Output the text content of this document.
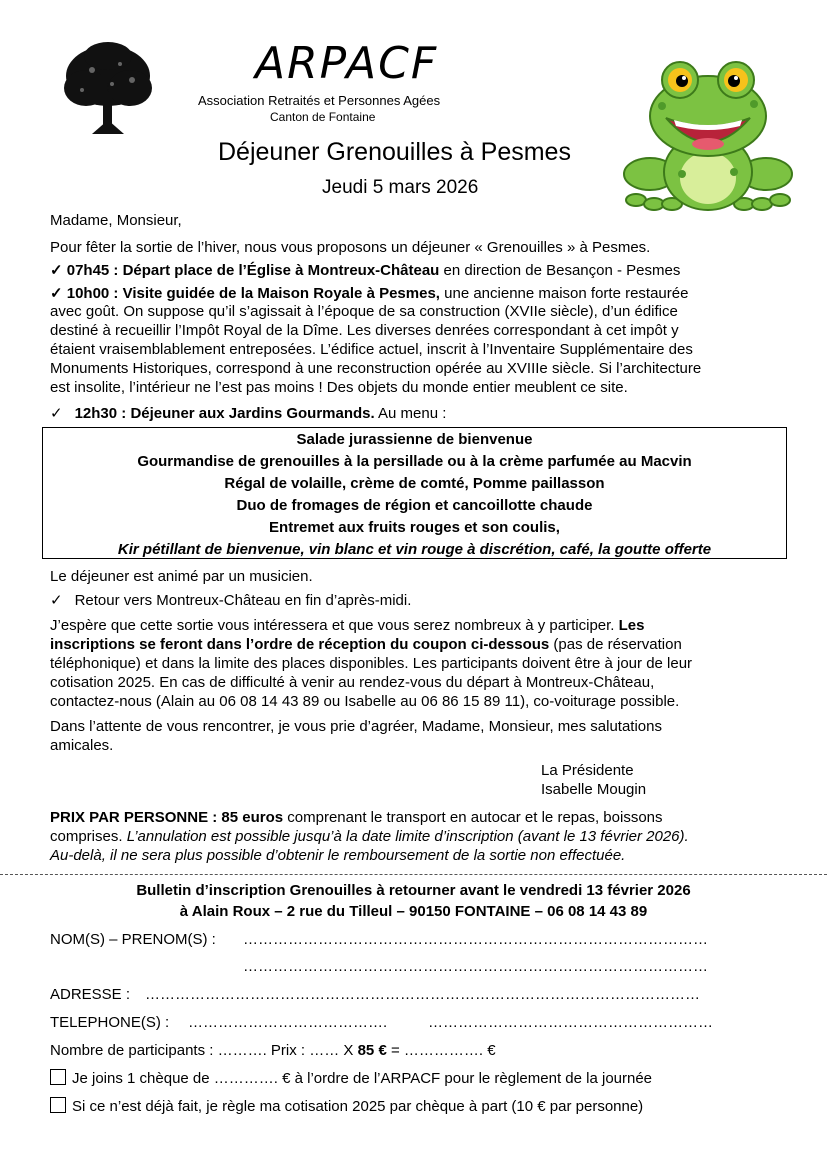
ARPACF
Association Retraités et Personnes Agées
Canton de Fontaine
Déjeuner Grenouilles à Pesmes
Jeudi 5 mars 2026

Madame, Monsieur,

Pour fêter la sortie de l’hiver, nous vous proposons un déjeuner « Grenouilles » à Pesmes.

✓ 07h45 : Départ place de l’Église à Montreux-Château en direction de Besançon - Pesmes

✓ 10h00 : Visite guidée de la Maison Royale à Pesmes, une ancienne maison forte restaurée

avec goût. On suppose qu’il s’agissait à l’époque de sa construction (XVIIe siècle), d’un édifice

destiné à recueillir l’Impôt Royal de la Dîme. Les diverses denrées correspondant à cet impôt y

étaient vraisemblablement entreposées. L’édifice actuel, inscrit à l’Inventaire Supplémentaire des

Monuments Historiques, correspond à une reconstruction opérée au XVIIIe siècle. Si l’architecture

est insolite, l’intérieur ne l’est pas moins ! Des objets du monde entier meublent ce site.

✓ 12h30 : Déjeuner aux Jardins Gourmands. Au menu :

Salade jurassienne de bienvenue
Gourmandise de grenouilles à la persillade ou à la crème parfumée au Macvin
Régal de volaille, crème de comté, Pomme paillasson
Duo de fromages de région et cancoillotte chaude
Entremet aux fruits rouges et son coulis,
Kir pétillant de bienvenue, vin blanc et vin rouge à discrétion, café, la goutte offerte

Le déjeuner est animé par un musicien.

✓ Retour vers Montreux-Château en fin d’après-midi.

J’espère que cette sortie vous intéressera et que vous serez nombreux à y participer. Les

inscriptions se feront dans l’ordre de réception du coupon ci-dessous (pas de réservation

téléphonique) et dans la limite des places disponibles. Les participants doivent être à jour de leur

cotisation 2025. En cas de difficulté à venir au rendez-vous du départ à Montreux-Château,

contactez-nous (Alain au 06 08 14 43 89 ou Isabelle au 06 86 15 89 11), co-voiturage possible.

Dans l’attente de vous rencontrer, je vous prie d’agréer, Madame, Monsieur, mes salutations

amicales.

La Présidente

Isabelle Mougin

PRIX PAR PERSONNE : 85 euros comprenant le transport en autocar et le repas, boissons

comprises. L’annulation est possible jusqu’à la date limite d’inscription (avant le 13 février 2026).

Au-delà, il ne sera plus possible d’obtenir le remboursement de la sortie non effectuée.

Bulletin d’inscription Grenouilles à retourner avant le vendredi 13 février 2026

à Alain Roux – 2 rue du Tilleul – 90150 FONTAINE – 06 08 14 43 89

NOM(S) – PRENOM(S) : …………………………………………………………………………………

…………………………………………………………………………………

ADRESSE : …………………………………………………………………………………………………

TELEPHONE(S) : ………………………………….	…………………………………………………

Nombre de participants : ………. Prix : …… X 85 € = ……………. €

Je joins 1 chèque de …………. € à l’ordre de l’ARPACF pour le règlement de la journée

Si ce n’est déjà fait, je règle ma cotisation 2025 par chèque à part (10 € par personne)
